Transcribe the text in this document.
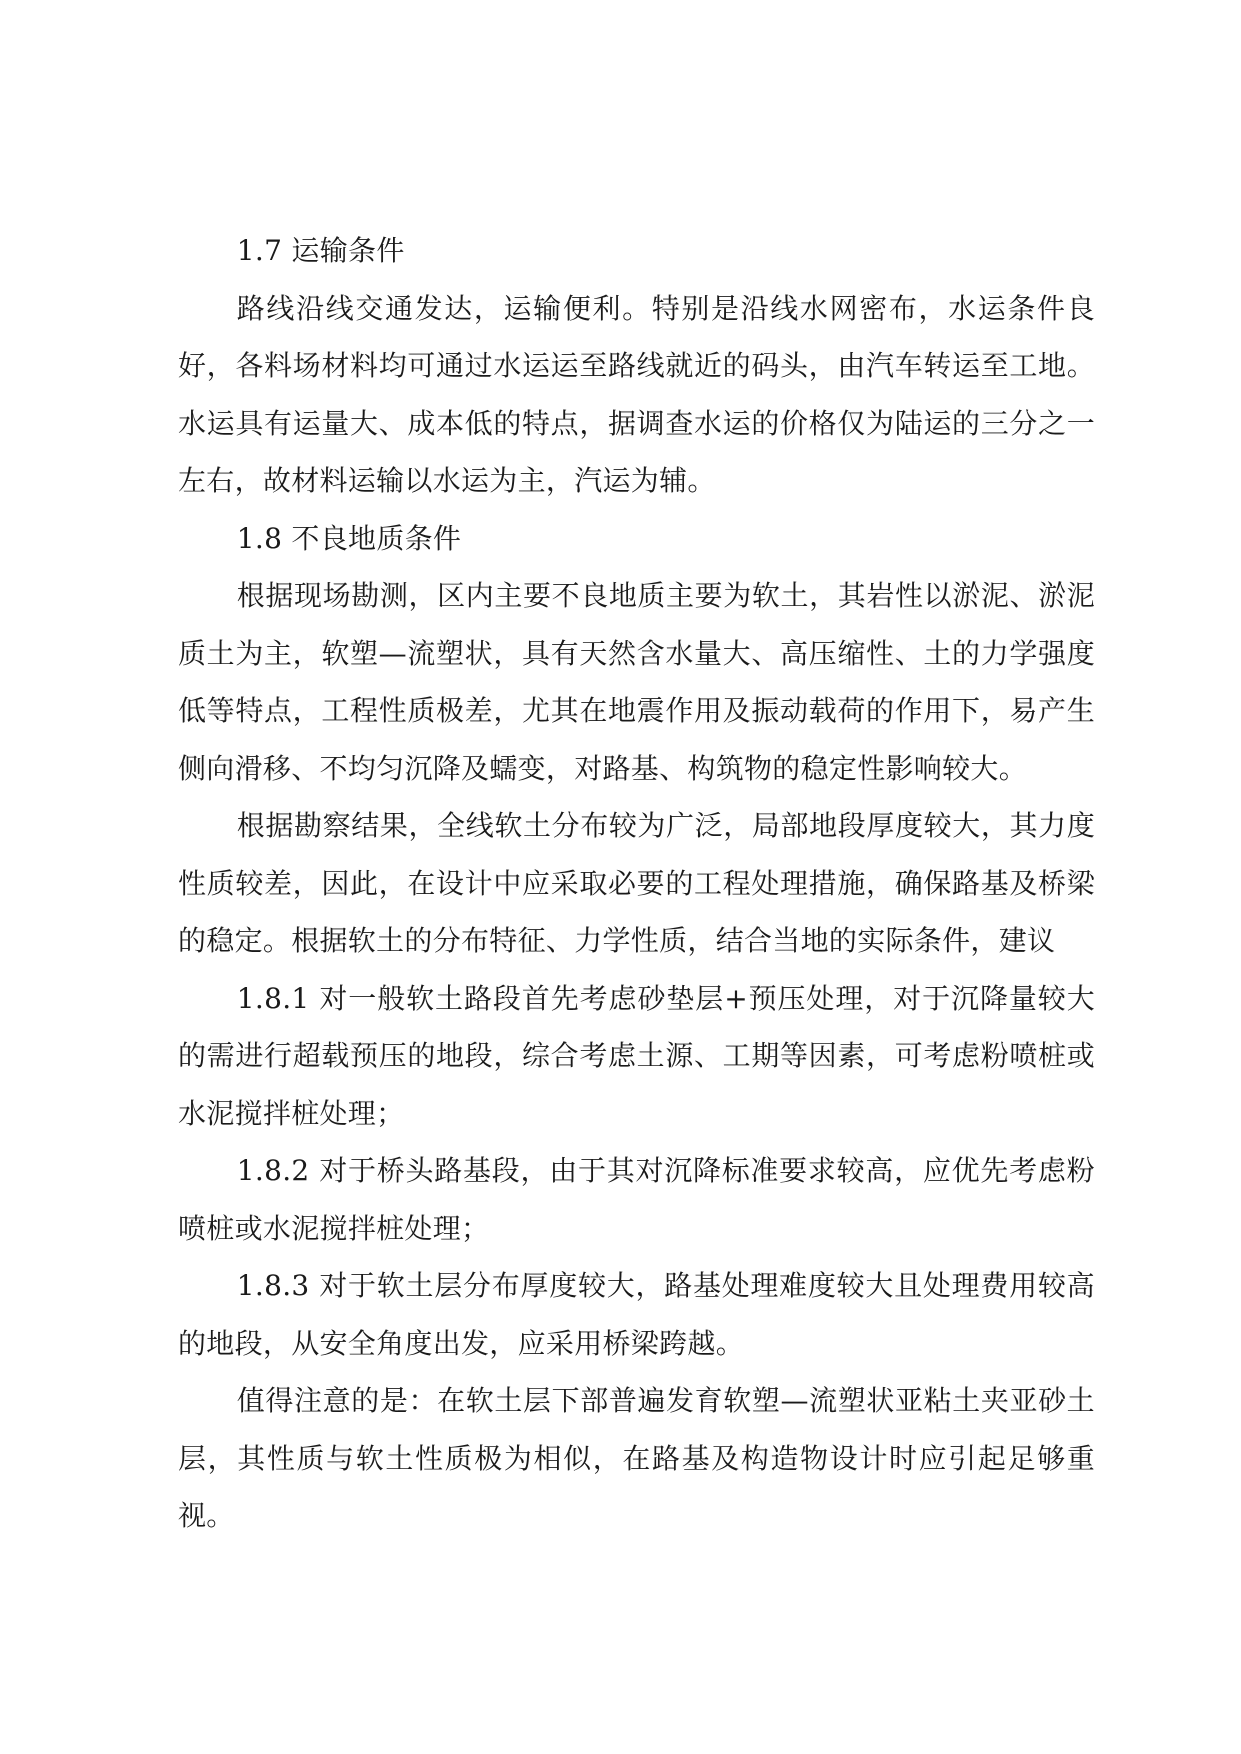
1.7 运输条件

路线沿线交通发达，运输便利。特别是沿线水网密布，水运条件良好，各料场材料均可通过水运运至路线就近的码头，由汽车转运至工地。水运具有运量大、成本低的特点，据调查水运的价格仅为陆运的三分之一左右，故材料运输以水运为主，汽运为辅。

1.8 不良地质条件

根据现场勘测，区内主要不良地质主要为软土，其岩性以淤泥、淤泥质土为主，软塑—流塑状，具有天然含水量大、高压缩性、土的力学强度低等特点，工程性质极差，尤其在地震作用及振动载荷的作用下，易产生侧向滑移、不均匀沉降及蠕变，对路基、构筑物的稳定性影响较大。

根据勘察结果，全线软土分布较为广泛，局部地段厚度较大，其力度性质较差，因此，在设计中应采取必要的工程处理措施，确保路基及桥梁的稳定。根据软土的分布特征、力学性质，结合当地的实际条件，建议

1.8.1 对一般软土路段首先考虑砂垫层+预压处理，对于沉降量较大的需进行超载预压的地段，综合考虑土源、工期等因素，可考虑粉喷桩或水泥搅拌桩处理；

1.8.2 对于桥头路基段，由于其对沉降标准要求较高，应优先考虑粉喷桩或水泥搅拌桩处理；

1.8.3 对于软土层分布厚度较大，路基处理难度较大且处理费用较高的地段，从安全角度出发，应采用桥梁跨越。

值得注意的是：在软土层下部普遍发育软塑—流塑状亚粘土夹亚砂土层，其性质与软土性质极为相似，在路基及构造物设计时应引起足够重视。
